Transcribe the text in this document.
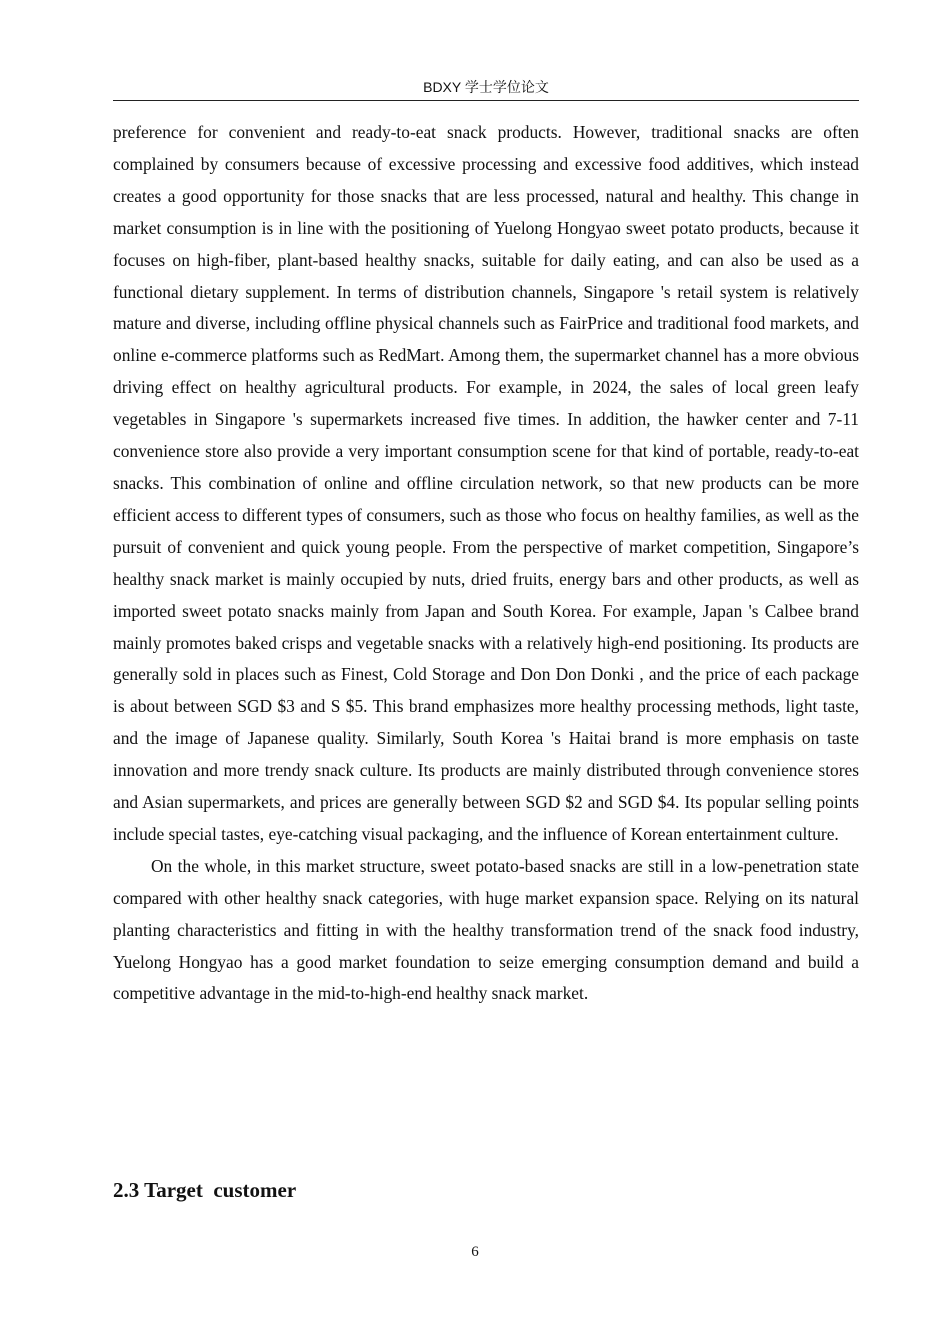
BDXY 学士学位论文

preference for convenient and ready-to-eat snack products. However, traditional snacks are often complained by consumers because of excessive processing and excessive food additives, which instead creates a good opportunity for those snacks that are less processed, natural and healthy. This change in market consumption is in line with the positioning of Yuelong Hongyao sweet potato products, because it focuses on high-fiber, plant-based healthy snacks, suitable for daily eating, and can also be used as a functional dietary supplement. In terms of distribution channels, Singapore 's retail system is relatively mature and diverse, including offline physical channels such as FairPrice and traditional food markets, and online e-commerce platforms such as RedMart. Among them, the supermarket channel has a more obvious driving effect on healthy agricultural products. For example, in 2024, the sales of local green leafy vegetables in Singapore 's supermarkets increased five times. In addition, the hawker center and 7-11 convenience store also provide a very important consumption scene for that kind of portable, ready-to-eat snacks. This combination of online and offline circulation network, so that new products can be more efficient access to different types of consumers, such as those who focus on healthy families, as well as the pursuit of convenient and quick young people. From the perspective of market competition, Singapore’s healthy snack market is mainly occupied by nuts, dried fruits, energy bars and other products, as well as imported sweet potato snacks mainly from Japan and South Korea. For example, Japan 's Calbee brand mainly promotes baked crisps and vegetable snacks with a relatively high-end positioning. Its products are generally sold in places such as Finest, Cold Storage and Don Don Donki , and the price of each package is about between SGD $3 and S $5. This brand emphasizes more healthy processing methods, light taste, and the image of Japanese quality. Similarly, South Korea 's Haitai brand is more emphasis on taste innovation and more trendy snack culture. Its products are mainly distributed through convenience stores and Asian supermarkets, and prices are generally between SGD $2 and SGD $4. Its popular selling points include special tastes, eye-catching visual packaging, and the influence of Korean entertainment culture.

On the whole, in this market structure, sweet potato-based snacks are still in a low-penetration state compared with other healthy snack categories, with huge market expansion space. Relying on its natural planting characteristics and fitting in with the healthy transformation trend of the snack food industry, Yuelong Hongyao has a good market foundation to seize emerging consumption demand and build a competitive advantage in the mid-to-high-end healthy snack market.

2.3 Target  customer
6
